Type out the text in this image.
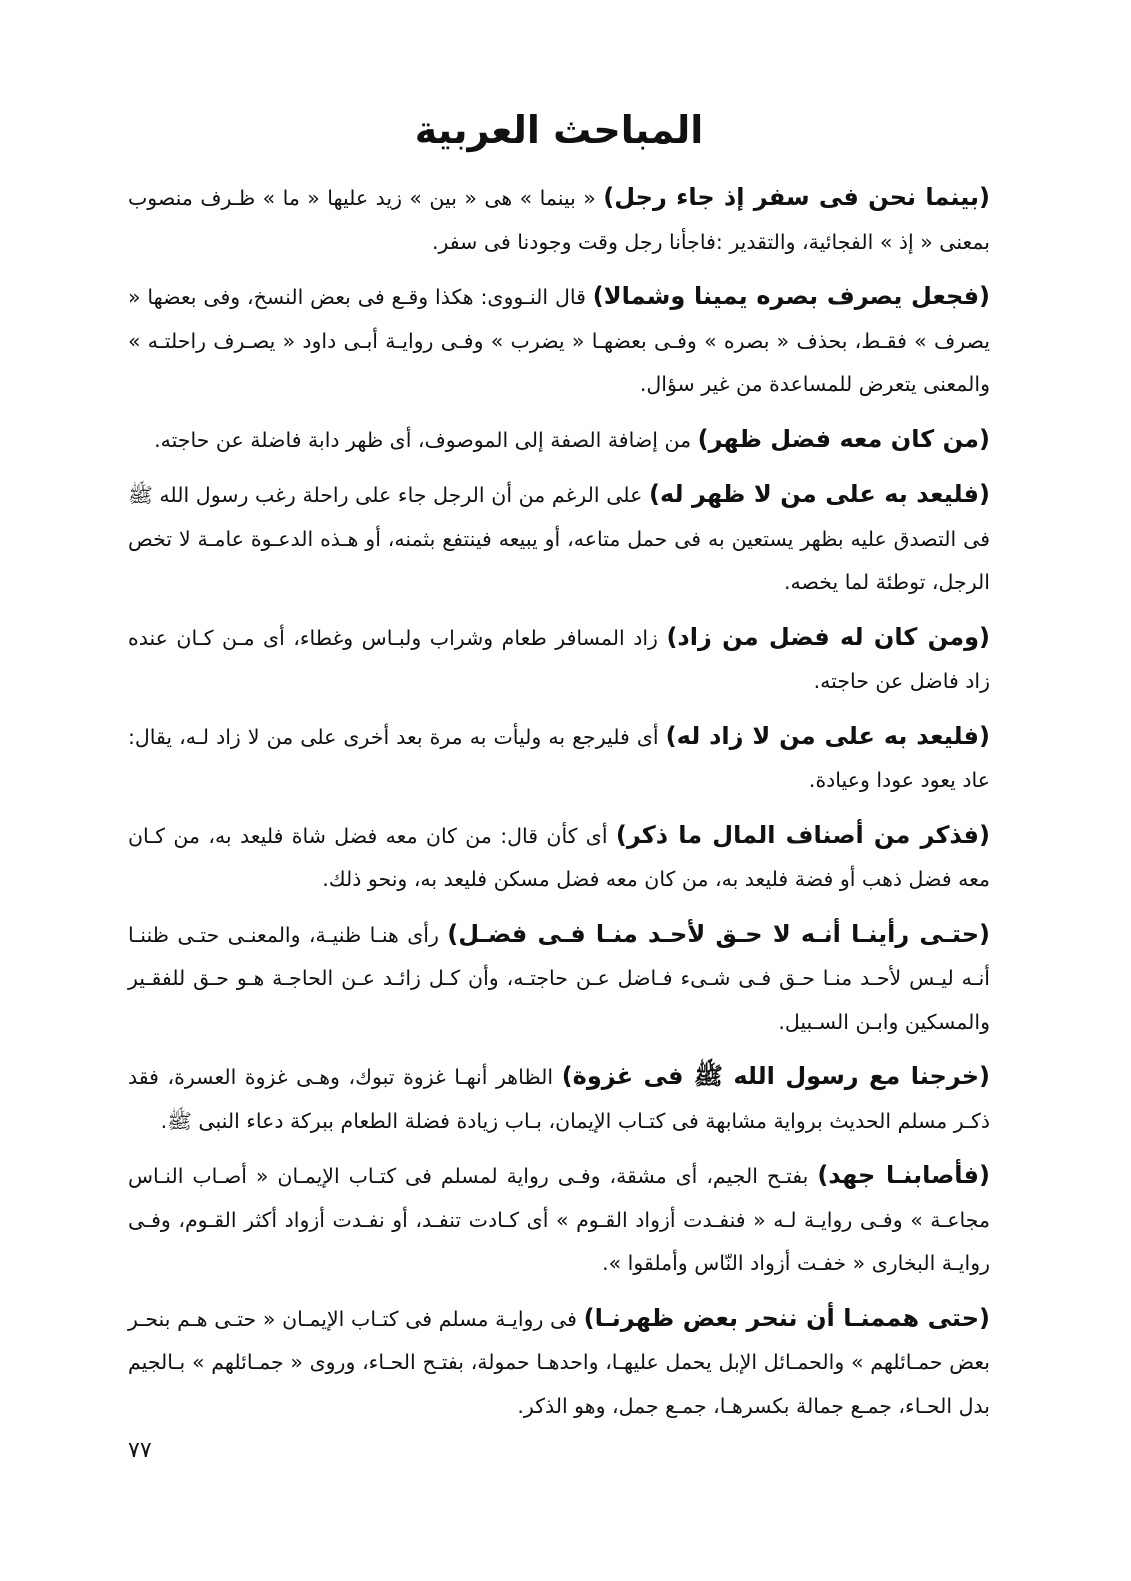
المباحث العربية

(بينما نحن فى سفر إذ جاء رجل) « بينما » هى « بين » زيد عليها « ما » ظـرف منصوب بمعنى « إذ » الفجائية، والتقدير :فاجأنا رجل وقت وجودنا فى سفر.

(فجعل يصرف بصره يمينا وشمالا) قال النـووى: هكذا وقـع فى بعض النسخ، وفى بعضها « يصرف » فقـط، بحذف « بصره » وفـى بعضهـا « يضرب » وفـى روايـة أبـى داود « يصـرف راحلتـه » والمعنى يتعرض للمساعدة من غير سؤال.

(من كان معه فضل ظهر) من إضافة الصفة إلى الموصوف، أى ظهر دابة فاضلة عن حاجته.

(فليعد به على من لا ظهر له) على الرغم من أن الرجل جاء على راحلة رغب رسول الله ﷺ فى التصدق عليه بظهر يستعين به فى حمل متاعه، أو يبيعه فينتفع بثمنه، أو هـذه الدعـوة عامـة لا تخص الرجل، توطئة لما يخصه.

(ومن كان له فضل من زاد) زاد المسافر طعام وشراب ولبـاس وغطاء، أى مـن كـان عنده زاد فاضل عن حاجته.

(فليعد به على من لا زاد له) أى فليرجع به وليأت به مرة بعد أخرى على من لا زاد لـه، يقال: عاد يعود عودا وعيادة.

(فذكر من أصناف المال ما ذكر) أى كأن قال: من كان معه فضل شاة فليعد به، من كـان معه فضل ذهب أو فضة فليعد به، من كان معه فضل مسكن فليعد به، ونحو ذلك.

(حتـى رأينـا أنـه لا حـق لأحـد منـا فـى فضـل) رأى هنـا ظنيـة، والمعنـى حتـى ظننـا أنـه ليـس لأحـد منـا حـق فـى شـىء فـاضل عـن حاجتـه، وأن كـل زائـد عـن الحاجـة هـو حـق للفقـير والمسكين وابـن السـبيل.

(خرجنا مع رسول الله ﷺ فى غزوة) الظاهر أنهـا غزوة تبوك، وهـى غزوة العسرة، فقد ذكـر مسلم الحديث برواية مشابهة فى كتـاب الإيمان، بـاب زيادة فضلة الطعام ببركة دعاء النبى ﷺ.

(فأصابنـا جهد) بفتـح الجيم، أى مشقة، وفـى رواية لمسلم فى كتـاب الإيمـان « أصـاب النـاس مجاعـة » وفـى روايـة لـه « فنفـدت أزواد القـوم » أى كـادت تنفـد، أو نفـدت أزواد أكثر القـوم، وفـى روايـة البخارى « خفـت أزواد النّاس وأملقوا ».

(حتى هممنـا أن ننحر بعض ظهرنـا) فى روايـة مسلم فى كتـاب الإيمـان « حتـى هـم بنحـر بعض حمـائلهم » والحمـائل الإبل يحمل عليهـا، واحدهـا حمولة، بفتـح الحـاء، وروى « جمـائلهم » بـالجيم بدل الحـاء، جمـع جمالة بكسرهـا، جمـع جمل، وهو الذكر.

٧٧
